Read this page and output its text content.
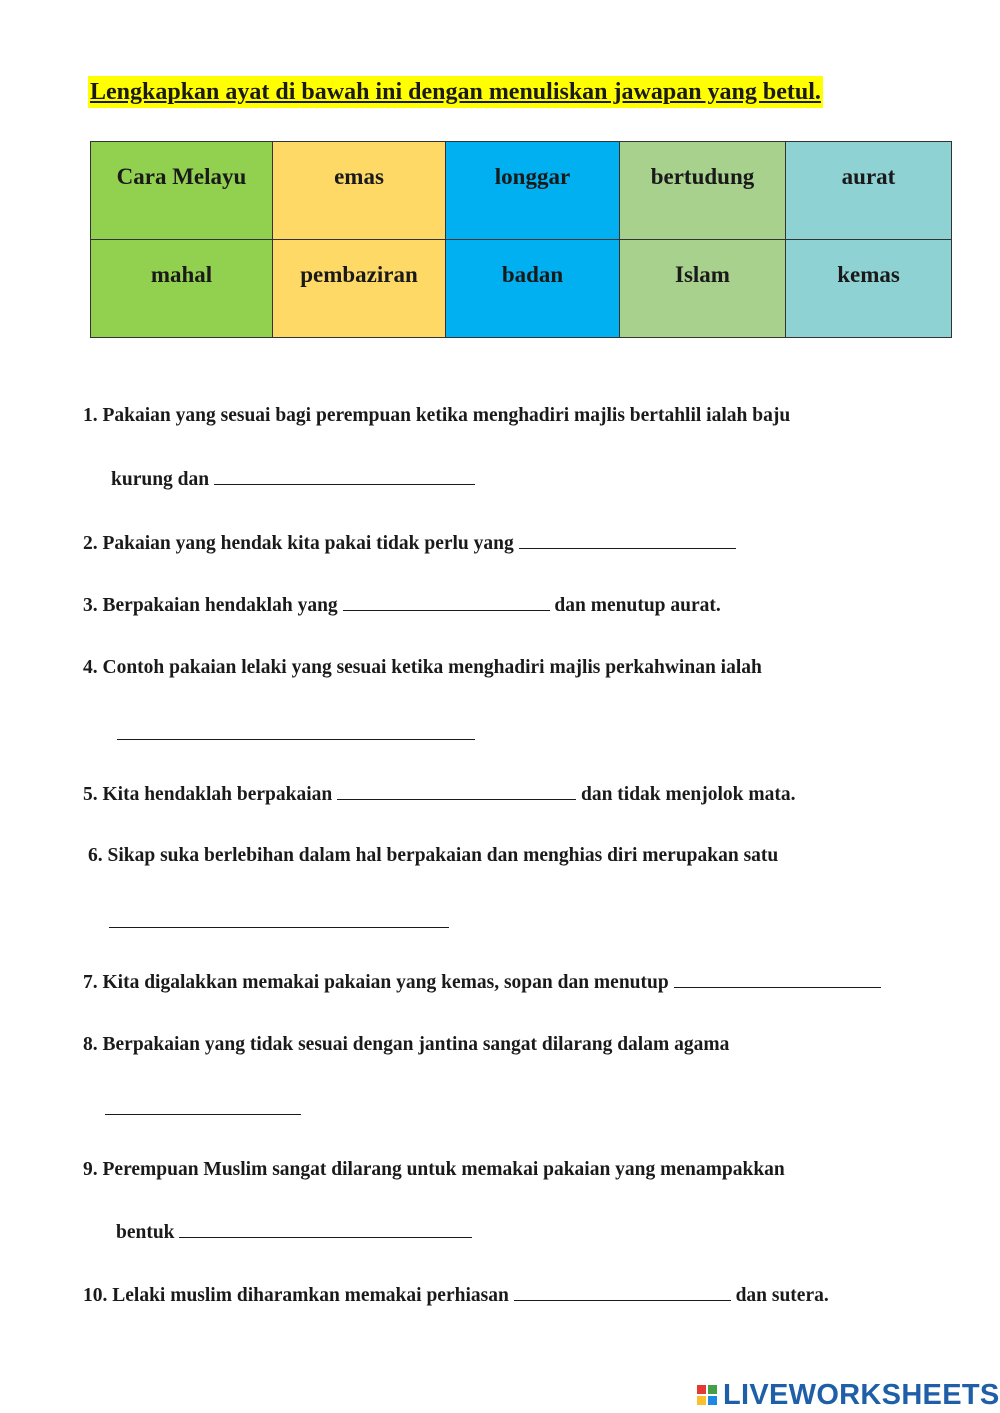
Lengkapkan ayat di bawah ini dengan menuliskan jawapan yang betul.
Cara Melayu	emas	longgar	bertudung	aurat
mahal	pembaziran	badan	Islam	kemas

1. Pakaian yang sesuai bagi perempuan ketika menghadiri majlis bertahlil ialah baju

kurung dan

2. Pakaian yang hendak kita pakai tidak perlu yang

3. Berpakaian hendaklah yang	dan menutup aurat.

4. Contoh pakaian lelaki yang sesuai ketika menghadiri majlis perkahwinan ialah

5. Kita hendaklah berpakaian	dan tidak menjolok mata.

6. Sikap suka berlebihan dalam hal berpakaian dan menghias diri merupakan satu

7. Kita digalakkan memakai pakaian yang kemas, sopan dan menutup

8. Berpakaian yang tidak sesuai dengan jantina sangat dilarang dalam agama

9. Perempuan Muslim sangat dilarang untuk memakai pakaian yang menampakkan

bentuk

10. Lelaki muslim diharamkan memakai perhiasan	dan sutera.

LIVEWORKSHEETS
